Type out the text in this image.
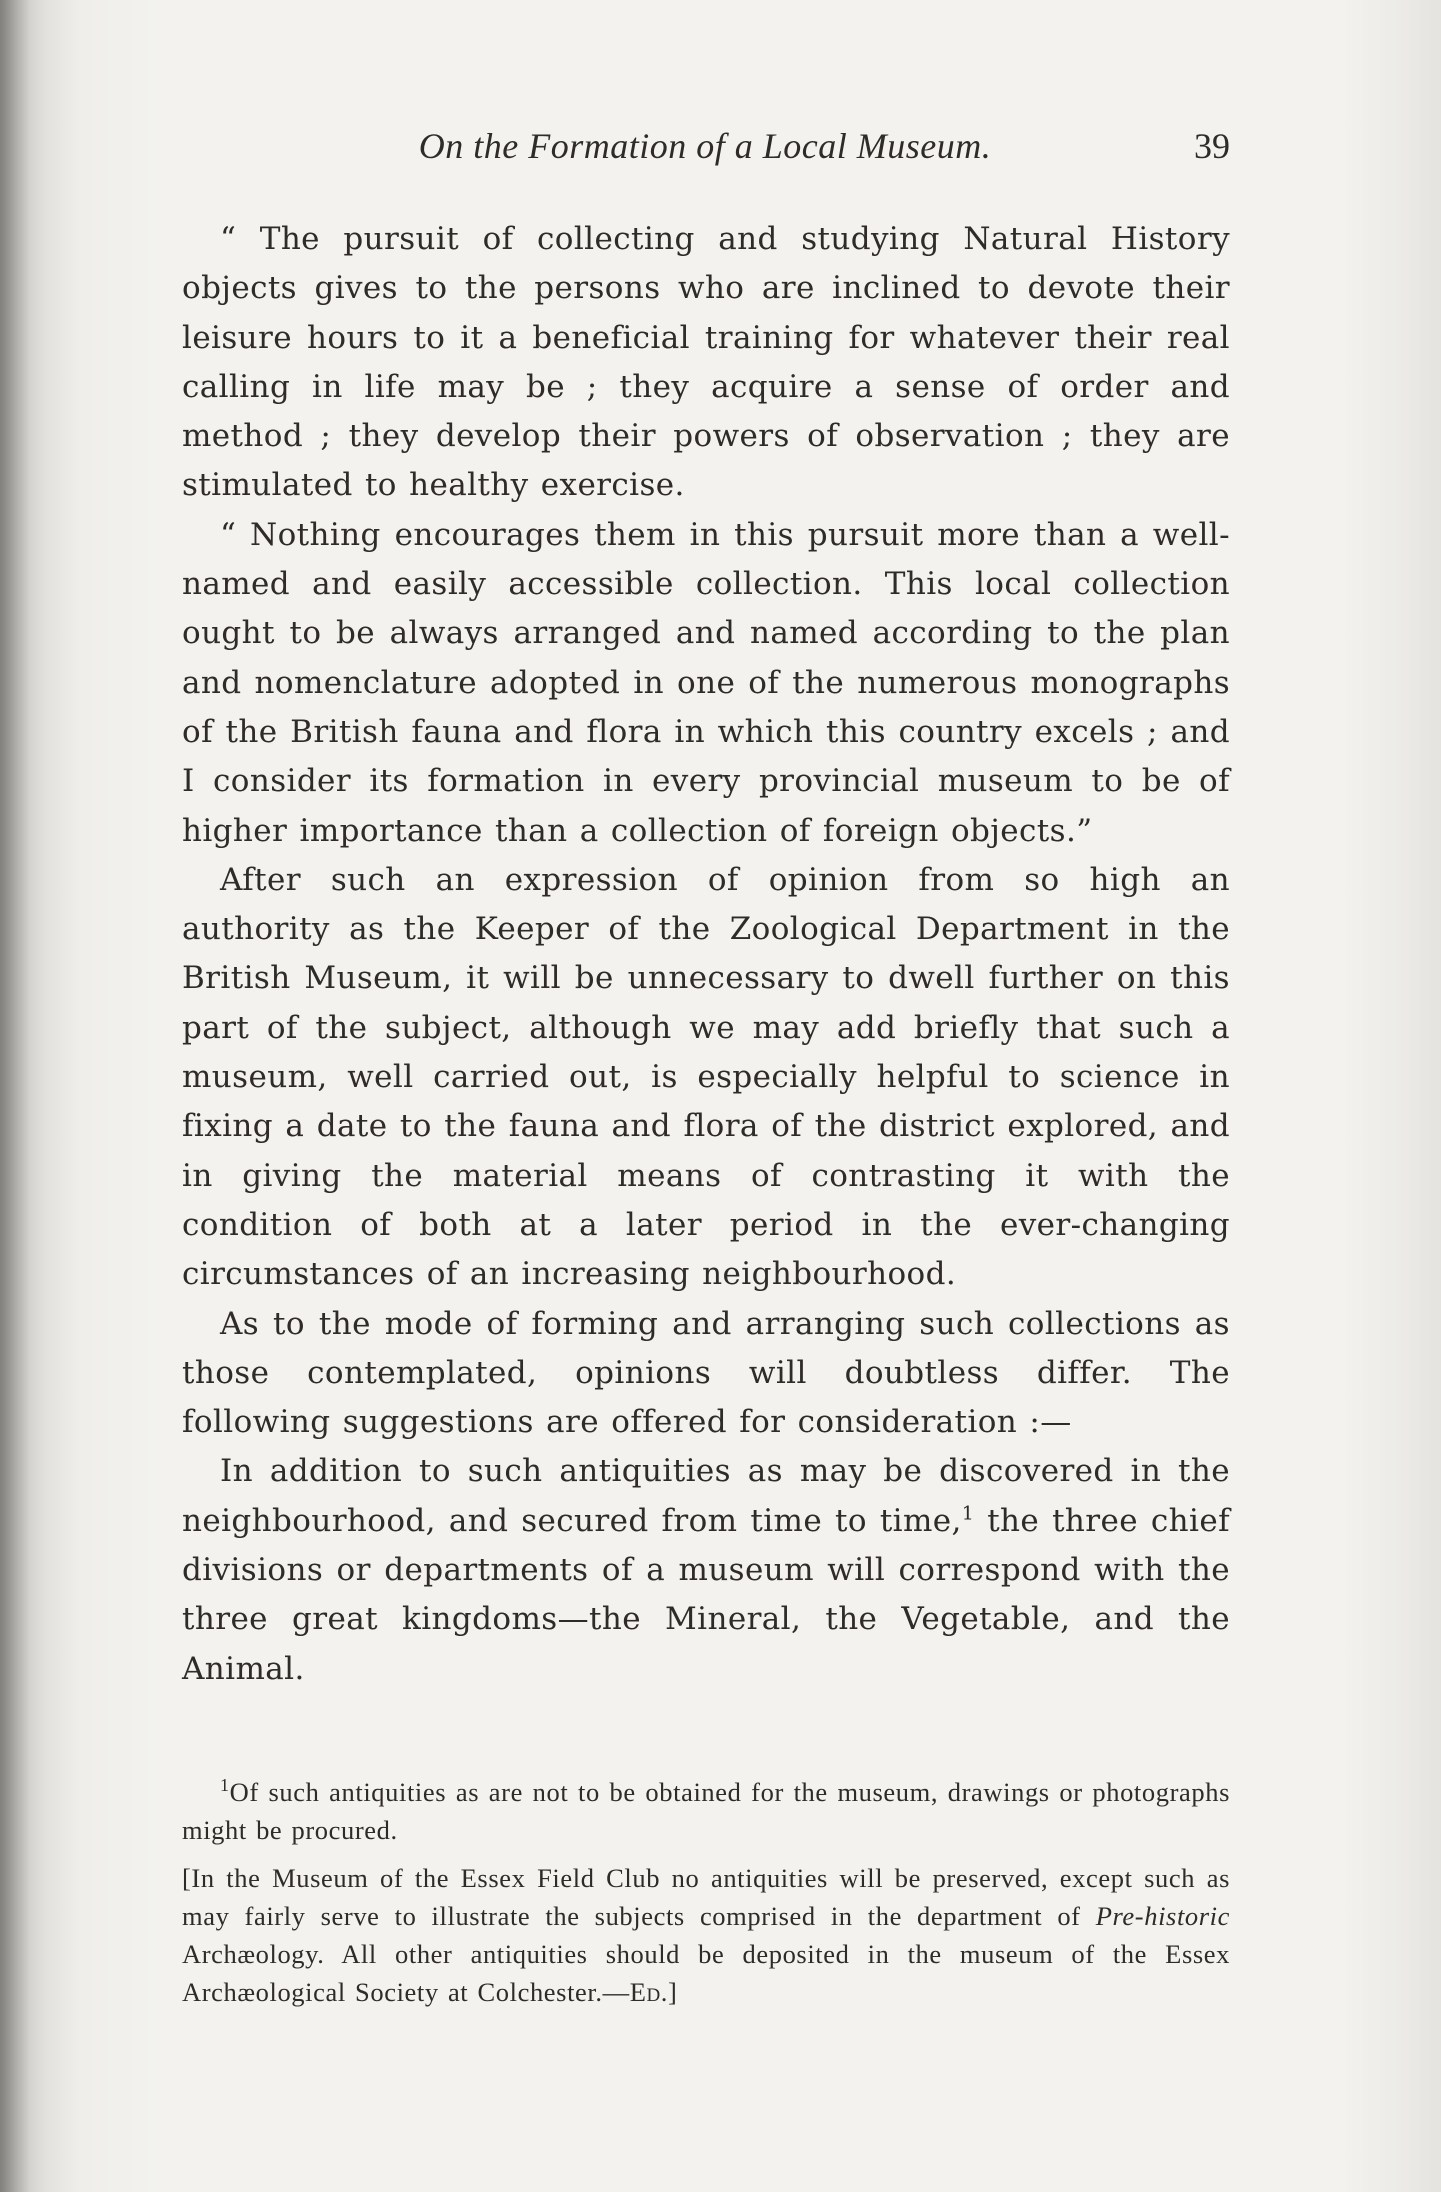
On the Formation of a Local Museum.	39

“ The pursuit of collecting and studying Natural History objects gives to the persons who are inclined to devote their leisure hours to it a beneficial training for whatever their real calling in life may be ; they acquire a sense of order and method ; they develop their powers of observation ; they are stimulated to healthy exercise.

“ Nothing encourages them in this pursuit more than a well-named and easily accessible collection. This local collection ought to be always arranged and named according to the plan and nomenclature adopted in one of the numerous monographs of the British fauna and flora in which this country excels ; and I consider its formation in every provincial museum to be of higher importance than a collection of foreign objects.”

After such an expression of opinion from so high an authority as the Keeper of the Zoological Department in the British Museum, it will be unnecessary to dwell further on this part of the subject, although we may add briefly that such a museum, well carried out, is especially helpful to science in fixing a date to the fauna and flora of the district explored, and in giving the material means of contrasting it with the condition of both at a later period in the ever-changing circumstances of an increasing neighbourhood.

As to the mode of forming and arranging such collections as those contemplated, opinions will doubtless differ. The following suggestions are offered for consideration :—

In addition to such antiquities as may be discovered in the neighbourhood, and secured from time to time,$^1$ the three chief divisions or departments of a museum will correspond with the three great kingdoms—the Mineral, the Vegetable, and the Animal.

$^1$Of such antiquities as are not to be obtained for the museum, drawings or photographs might be procured.

[In the Museum of the Essex Field Club no antiquities will be preserved, except such as may fairly serve to illustrate the subjects comprised in the department of Pre-historic Archæology. All other antiquities should be deposited in the museum of the Essex Archæological Society at Colchester.—Ed.]
